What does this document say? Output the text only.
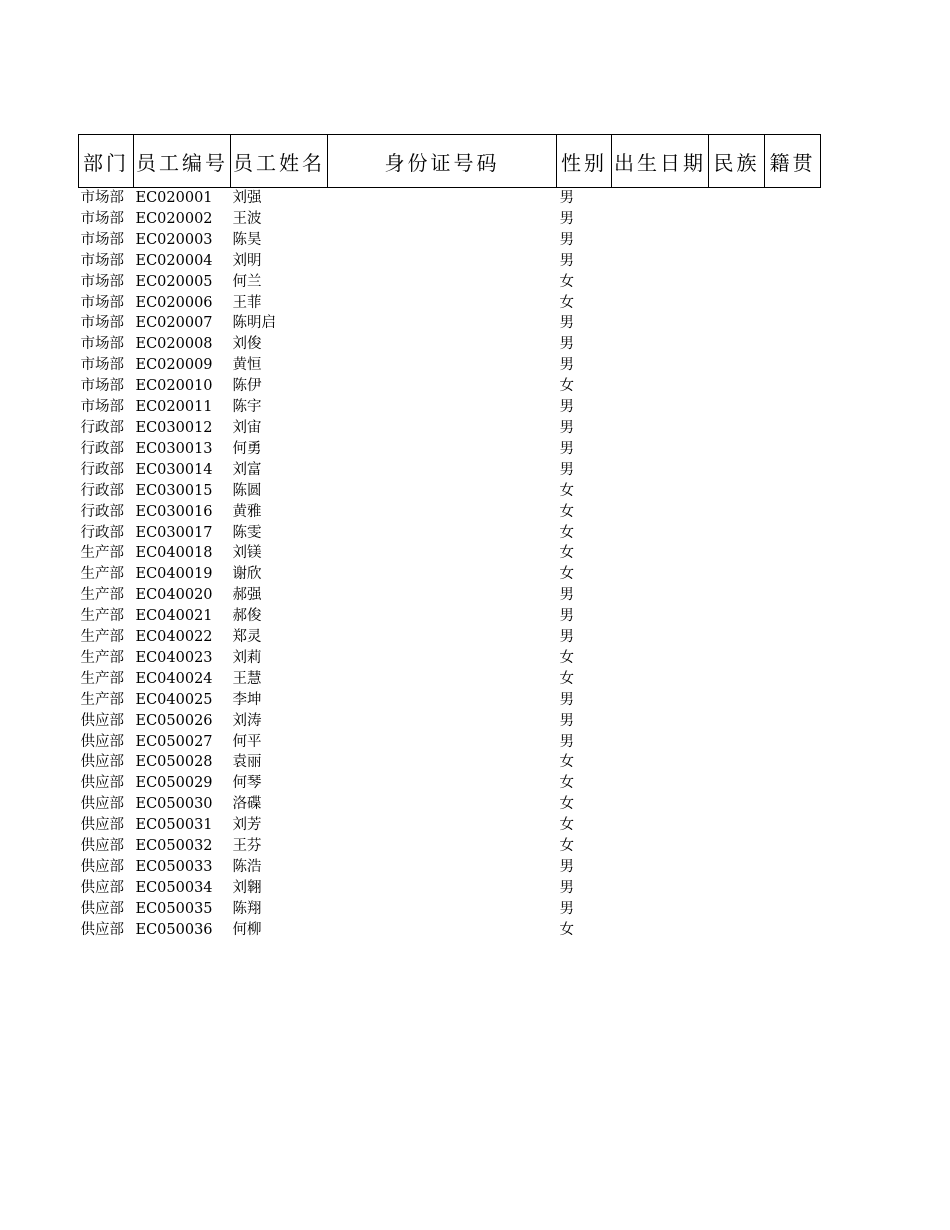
部门	员工编号	员工姓名	身份证号码	性别	出生日期	民族	籍贯
市场部	EC020001	刘强		男			
市场部	EC020002	王波		男			
市场部	EC020003	陈昊		男			
市场部	EC020004	刘明		男			
市场部	EC020005	何兰		女			
市场部	EC020006	王菲		女			
市场部	EC020007	陈明启		男			
市场部	EC020008	刘俊		男			
市场部	EC020009	黄恒		男			
市场部	EC020010	陈伊		女			
市场部	EC020011	陈宇		男			
行政部	EC030012	刘宙		男			
行政部	EC030013	何勇		男			
行政部	EC030014	刘富		男			
行政部	EC030015	陈圆		女			
行政部	EC030016	黄雅		女			
行政部	EC030017	陈雯		女			
生产部	EC040018	刘镁		女			
生产部	EC040019	谢欣		女			
生产部	EC040020	郝强		男			
生产部	EC040021	郝俊		男			
生产部	EC040022	郑灵		男			
生产部	EC040023	刘莉		女			
生产部	EC040024	王慧		女			
生产部	EC040025	李坤		男			
供应部	EC050026	刘涛		男			
供应部	EC050027	何平		男			
供应部	EC050028	袁丽		女			
供应部	EC050029	何琴		女			
供应部	EC050030	洛碟		女			
供应部	EC050031	刘芳		女			
供应部	EC050032	王芬		女			
供应部	EC050033	陈浩		男			
供应部	EC050034	刘翱		男			
供应部	EC050035	陈翔		男			
供应部	EC050036	何柳		女			
